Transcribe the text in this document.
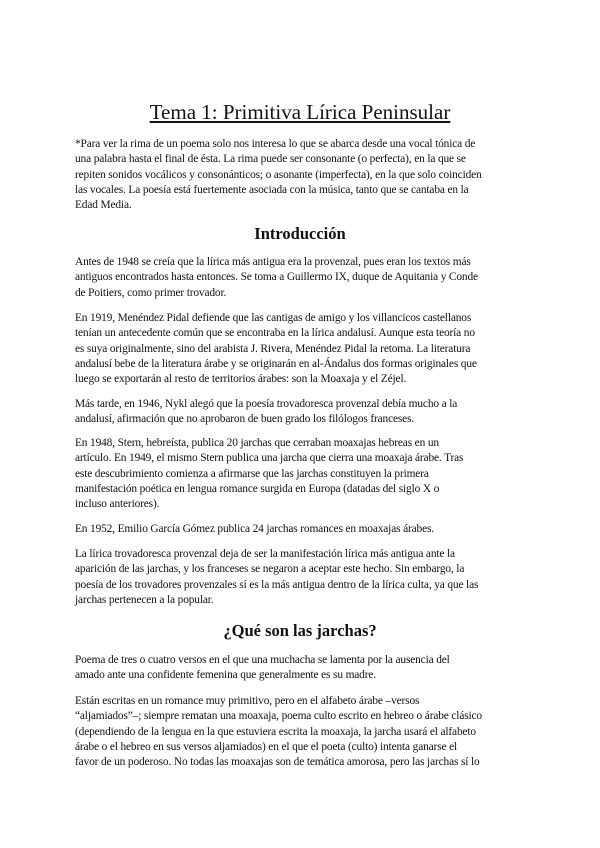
Tema 1: Primitiva Lírica Peninsular

*Para ver la rima de un poema solo nos interesa lo que se abarca desde una vocal tónica de
una palabra hasta el final de ésta. La rima puede ser consonante (o perfecta), en la que se
repiten sonidos vocálicos y consonánticos; o asonante (imperfecta), en la que solo coinciden
las vocales. La poesía está fuertemente asociada con la música, tanto que se cantaba en la
Edad Media.

Introducción

Antes de 1948 se creía que la lírica más antigua era la provenzal, pues eran los textos más
antiguos encontrados hasta entonces. Se toma a Guillermo IX, duque de Aquitania y Conde
de Poitiers, como primer trovador.

En 1919, Menéndez Pidal defiende que las cantigas de amigo y los villancicos castellanos
tenían un antecedente común que se encontraba en la lírica andalusí. Aunque esta teoría no
es suya originalmente, sino del arabista J. Rivera, Menéndez Pidal la retoma. La literatura
andalusí bebe de la literatura árabe y se originarán en al-Ándalus dos formas originales que
luego se exportarán al resto de territorios árabes: son la Moaxaja y el Zéjel.

Más tarde, en 1946, Nykl alegó que la poesía trovadoresca provenzal debía mucho a la
andalusí, afirmación que no aprobaron de buen grado los filólogos franceses.

En 1948, Stern, hebreísta, publica 20 jarchas que cerraban moaxajas hebreas en un
artículo. En 1949, el mismo Stern publica una jarcha que cierra una moaxaja árabe. Tras
este descubrimiento comienza a afirmarse que las jarchas constituyen la primera
manifestación poética en lengua romance surgida en Europa (datadas del siglo X o
incluso anteriores).

En 1952, Emilio García Gómez publica 24 jarchas romances en moaxajas árabes.

La lírica trovadoresca provenzal deja de ser la manifestación lírica más antigua ante la
aparición de las jarchas, y los franceses se negaron a aceptar este hecho. Sin embargo, la
poesía de los trovadores provenzales sí es la más antigua dentro de la lírica culta, ya que las
jarchas pertenecen a la popular.

¿Qué son las jarchas?

Poema de tres o cuatro versos en el que una muchacha se lamenta por la ausencia del
amado ante una confidente femenina que generalmente es su madre.

Están escritas en un romance muy primitivo, pero en el alfabeto árabe –versos
“aljamiados”–; siempre rematan una moaxaja, poema culto escrito en hebreo o árabe clásico
(dependiendo de la lengua en la que estuviera escrita la moaxaja, la jarcha usará el alfabeto
árabe o el hebreo en sus versos aljamiados) en el que el poeta (culto) intenta ganarse el
favor de un poderoso. No todas las moaxajas son de temática amorosa, pero las jarchas sí lo
